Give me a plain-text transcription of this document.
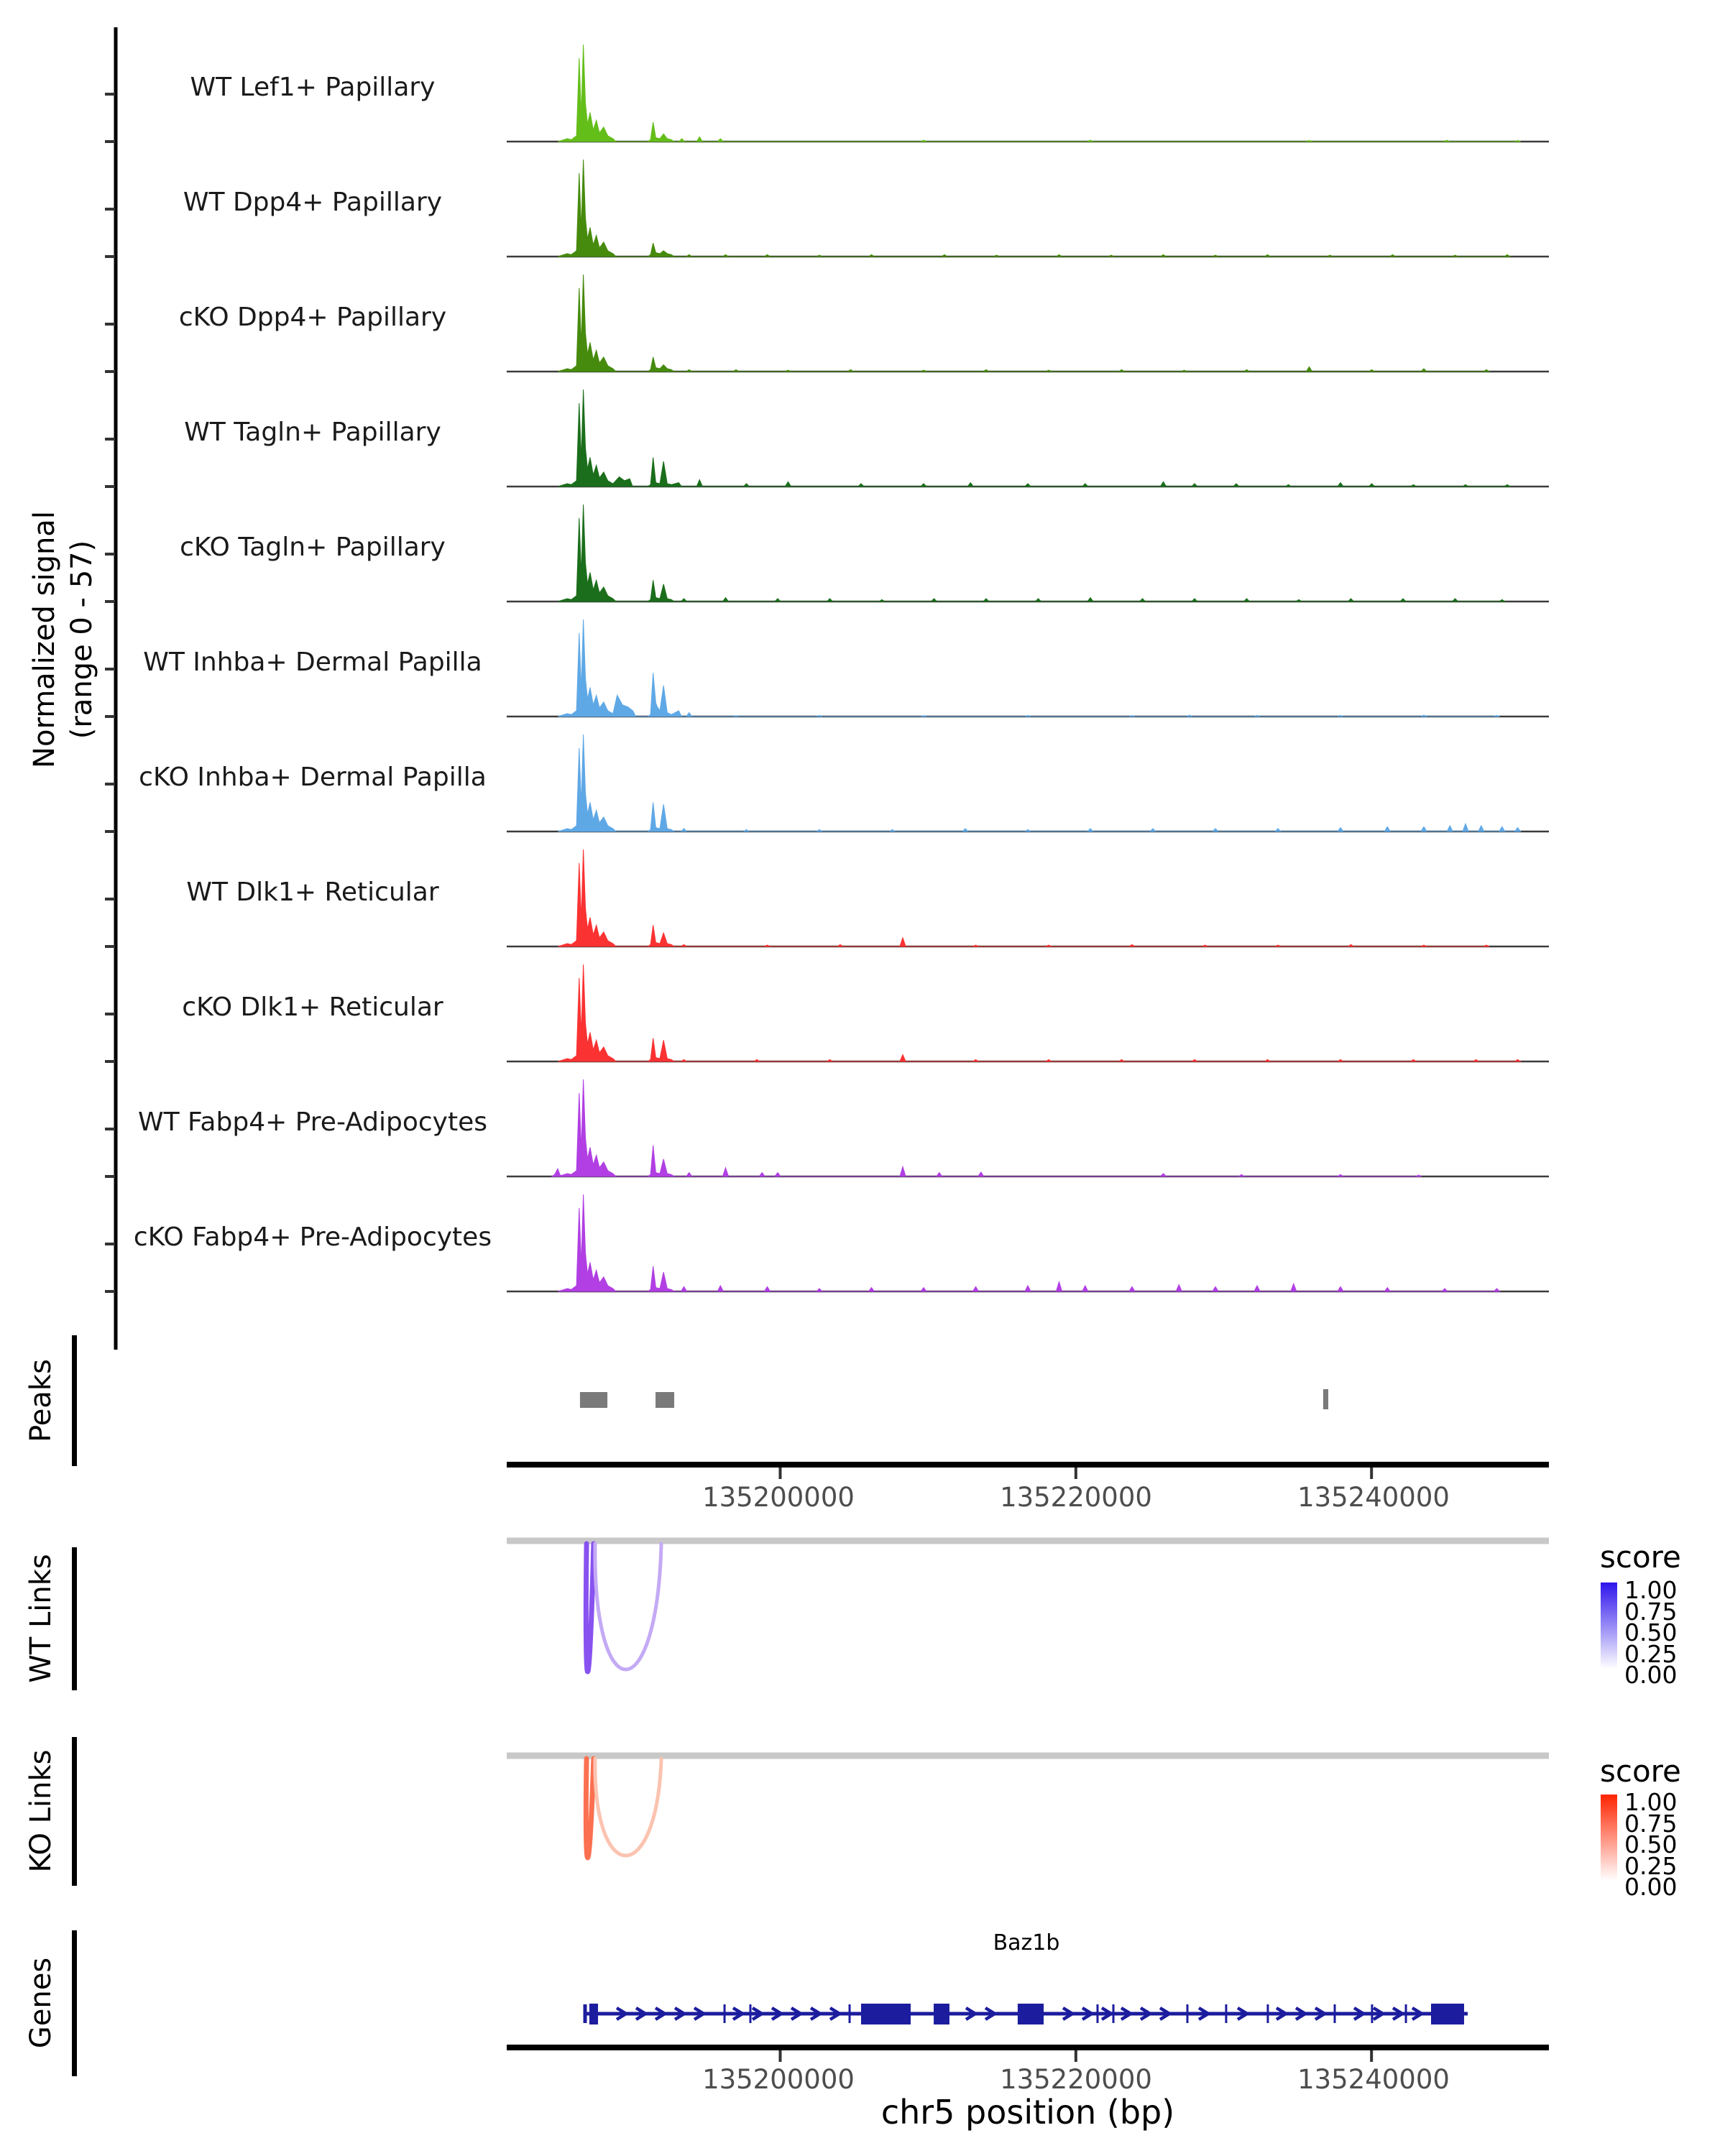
Normalized signal (range 0 - 57)
WT Lef1+ Papillary
WT Dpp4+ Papillary
cKO Dpp4+ Papillary
WT Tagln+ Papillary
cKO Tagln+ Papillary
WT Inhba+ Dermal Papilla
cKO Inhba+ Dermal Papilla
WT Dlk1+ Reticular
cKO Dlk1+ Reticular
WT Fabp4+ Pre-Adipocytes
cKO Fabp4+ Pre-Adipocytes
Peaks
WT Links
KO Links
Genes
135200000	135220000	135240000
score
1.00
0.75
0.50
0.25
0.00
score
1.00
0.75
0.50
0.25
0.00
Baz1b
135200000	135220000	135240000
chr5 position (bp)
